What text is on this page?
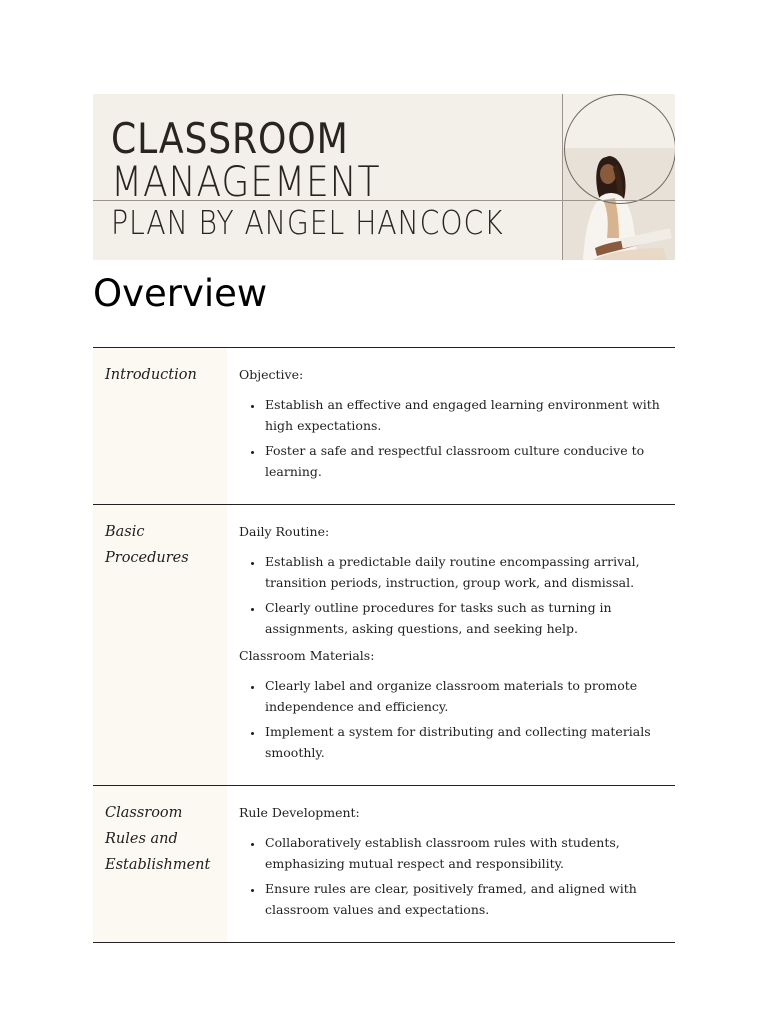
CLASSROOM

MANAGEMENT

PLAN BY ANGEL HANCOCK

Overview
Introduction	Objective:

• Establish an effective and engaged learning environment with high expectations.
• Foster a safe and respectful classroom culture conducive to learning.
Basic Procedures

Daily Routine:

• Establish a predictable daily routine encompassing arrival, transition periods, instruction, group work, and dismissal.
• Clearly outline procedures for tasks such as turning in assignments, asking questions, and seeking help.

Classroom Materials:

• Clearly label and organize classroom materials to promote independence and efficiency.
• Implement a system for distributing and collecting materials smoothly.
Classroom Rules and Establishment

Rule Development:

• Collaboratively establish classroom rules with students, emphasizing mutual respect and responsibility.
• Ensure rules are clear, positively framed, and aligned with classroom values and expectations.
